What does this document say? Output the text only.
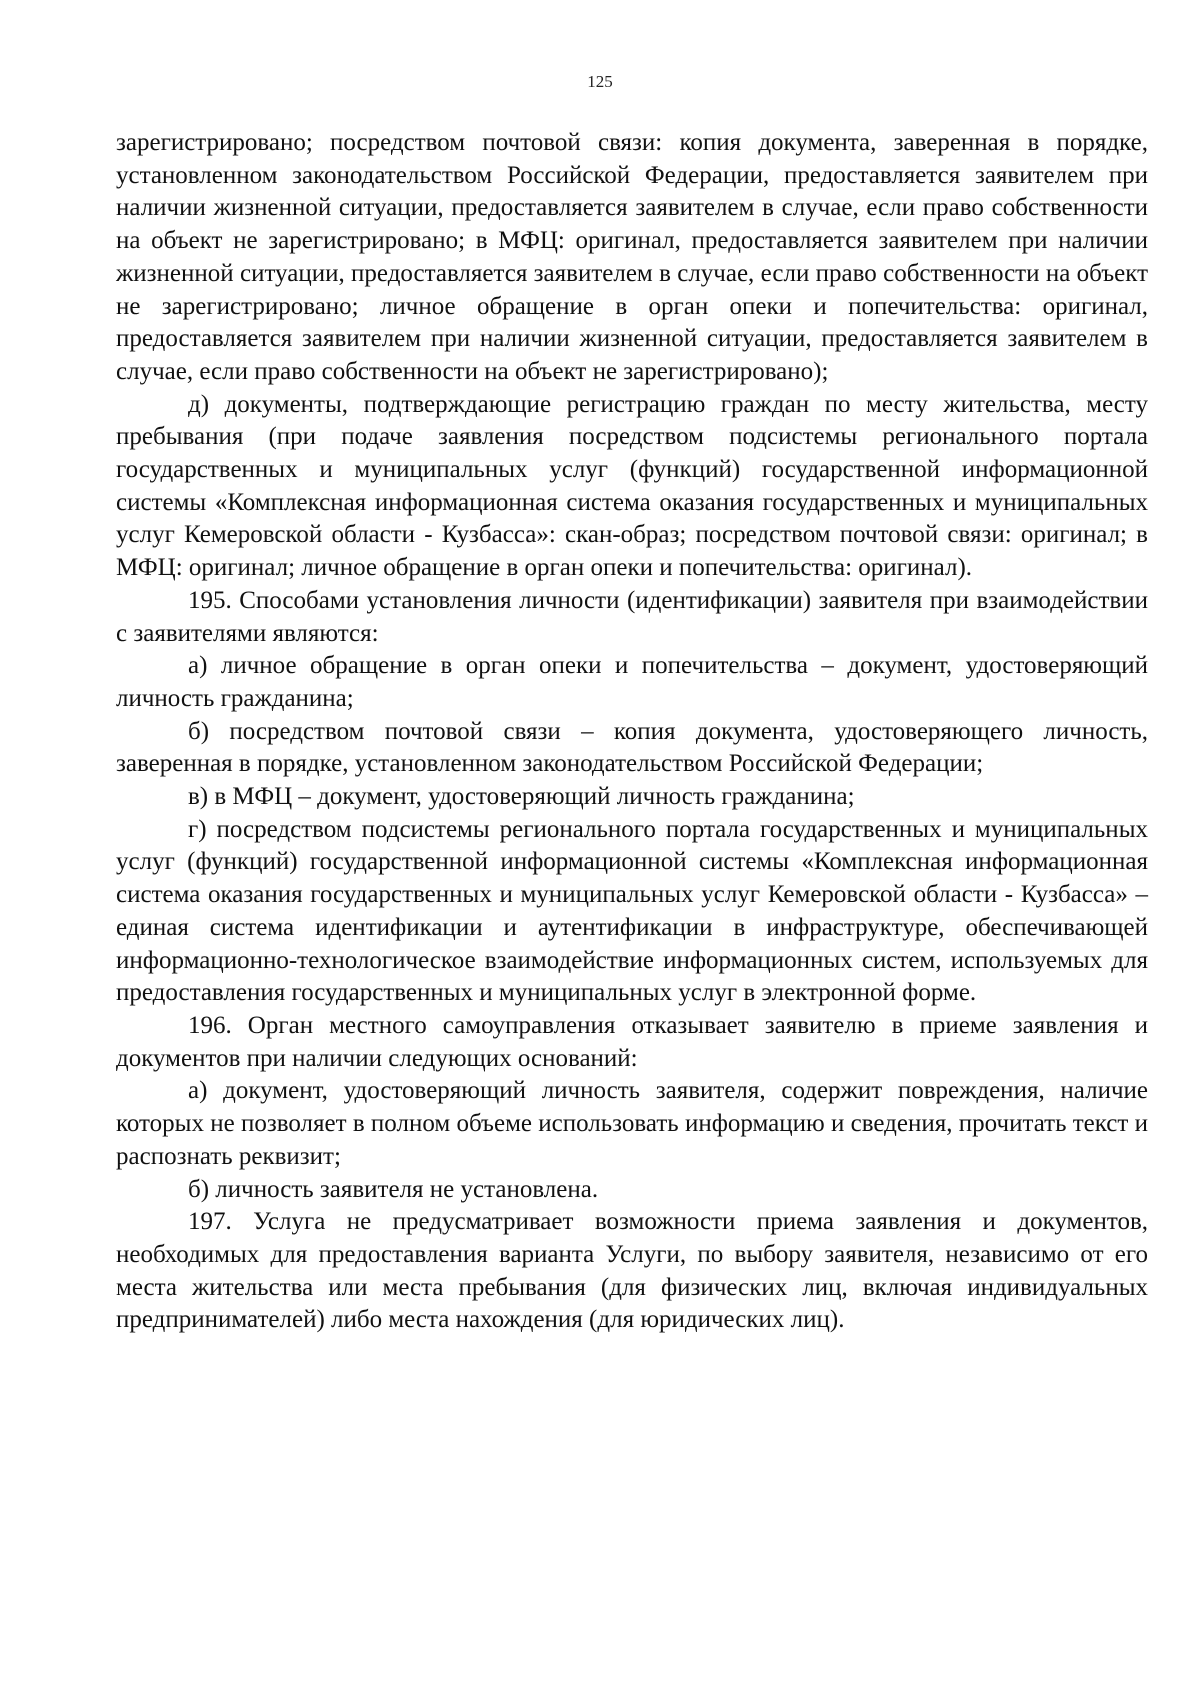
125

зарегистрировано; посредством почтовой связи: копия документа, заверенная в порядке, установленном законодательством Российской Федерации, предоставляется заявителем при наличии жизненной ситуации, предоставляется заявителем в случае, если право собственности на объект не зарегистрировано; в МФЦ: оригинал, предоставляется заявителем при наличии жизненной ситуации, предоставляется заявителем в случае, если право собственности на объект не зарегистрировано; личное обращение в орган опеки и попечительства: оригинал, предоставляется заявителем при наличии жизненной ситуации, предоставляется заявителем в случае, если право собственности на объект не зарегистрировано);

д) документы, подтверждающие регистрацию граждан по месту жительства, месту пребывания (при подаче заявления посредством подсистемы регионального портала государственных и муниципальных услуг (функций) государственной информационной системы «Комплексная информационная система оказания государственных и муниципальных услуг Кемеровской области - Кузбасса»: скан-образ; посредством почтовой связи: оригинал; в МФЦ: оригинал; личное обращение в орган опеки и попечительства: оригинал).

195. Способами установления личности (идентификации) заявителя при взаимодействии с заявителями являются:

а) личное обращение в орган опеки и попечительства – документ, удостоверяющий личность гражданина;

б) посредством почтовой связи – копия документа, удостоверяющего личность, заверенная в порядке, установленном законодательством Российской Федерации;

в) в МФЦ – документ, удостоверяющий личность гражданина;

г) посредством подсистемы регионального портала государственных и муниципальных услуг (функций) государственной информационной системы «Комплексная информационная система оказания государственных и муниципальных услуг Кемеровской области - Кузбасса» – единая система идентификации и аутентификации в инфраструктуре, обеспечивающей информационно-технологическое взаимодействие информационных систем, используемых для предоставления государственных и муниципальных услуг в электронной форме.

196. Орган местного самоуправления отказывает заявителю в приеме заявления и документов при наличии следующих оснований:

а) документ, удостоверяющий личность заявителя, содержит повреждения, наличие которых не позволяет в полном объеме использовать информацию и сведения, прочитать текст и распознать реквизит;

б) личность заявителя не установлена.

197. Услуга не предусматривает возможности приема заявления и документов, необходимых для предоставления варианта Услуги, по выбору заявителя, независимо от его места жительства или места пребывания (для физических лиц, включая индивидуальных предпринимателей) либо места нахождения (для юридических лиц).
